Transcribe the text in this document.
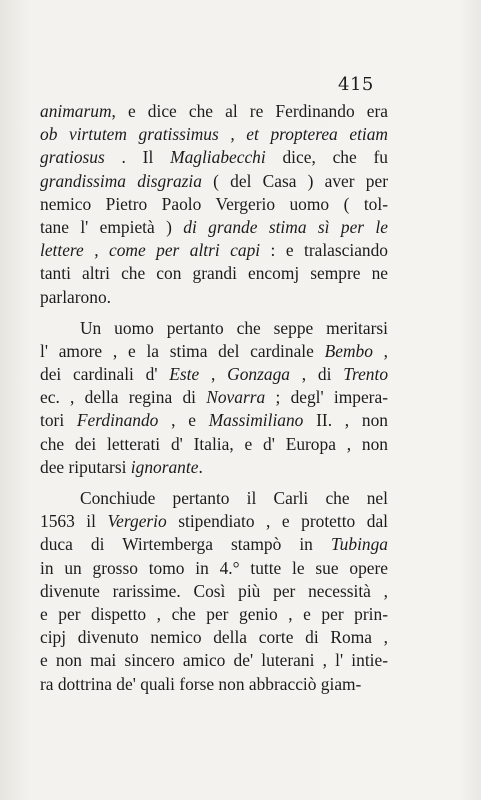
415
animarum, e dice che al re Ferdinando era
ob virtutem gratissimus , et propterea etiam
gratiosus . Il Magliabecchi dice, che fu
grandissima disgrazia ( del Casa ) aver per
nemico Pietro Paolo Vergerio uomo ( tol-
tane l' empietà ) di grande stima sì per le
lettere , come per altri capi : e tralasciando
tanti altri che con grandi encomj sempre ne
parlarono.
Un uomo pertanto che seppe meritarsi
l' amore , e la stima del cardinale Bembo ,
dei cardinali d' Este , Gonzaga , di Trento
ec. , della regina di Novarra ; degl' impera-
tori Ferdinando , e Massimiliano II. , non
che dei letterati d' Italia, e d' Europa , non
dee riputarsi ignorante.
Conchiude pertanto il Carli che nel
1563 il Vergerio stipendiato , e protetto dal
duca di Wirtemberga stampò in Tubinga
in un grosso tomo in 4.° tutte le sue opere
divenute rarissime. Così più per necessità ,
e per dispetto , che per genio , e per prin-
cipj divenuto nemico della corte di Roma ,
e non mai sincero amico de' luterani , l' intie-
ra dottrina de' quali forse non abbracciò giam-
